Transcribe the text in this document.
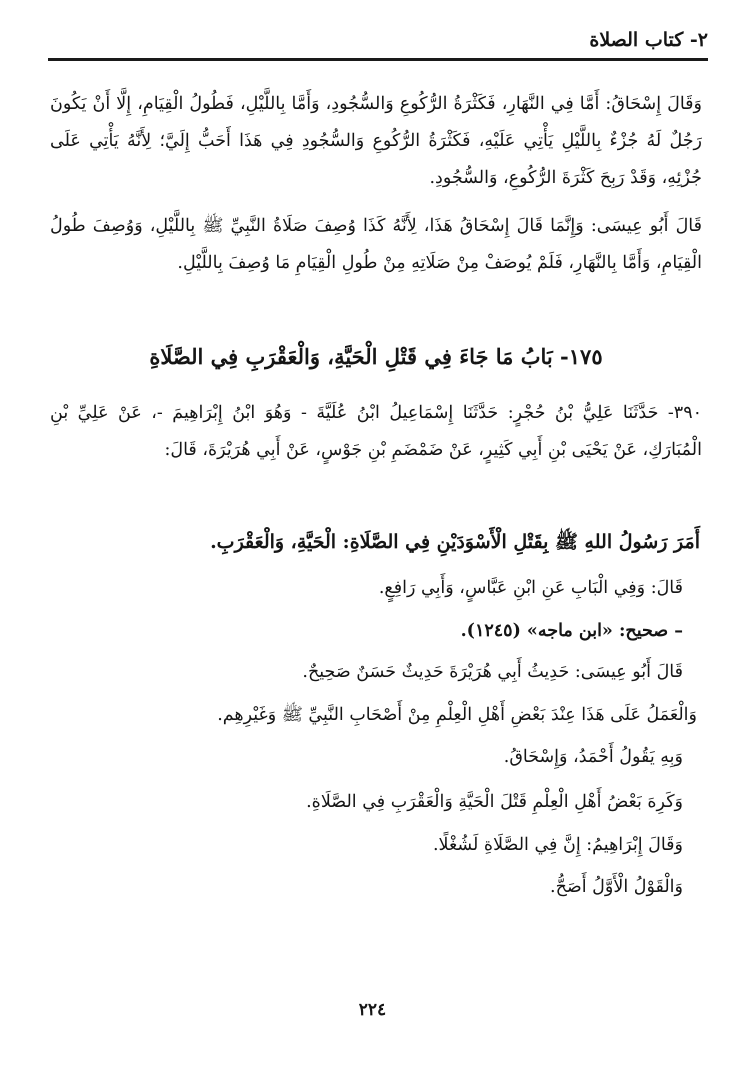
٢- كتاب الصلاة
وَقَالَ إِسْحَاقُ: أَمَّا فِي النَّهَارِ، فَكَثْرَةُ الرُّكُوعِ وَالسُّجُودِ، وَأَمَّا بِاللَّيْلِ، فَطُولُ الْقِيَامِ، إِلَّا أَنْ يَكُونَ رَجُلٌ لَهُ جُزْءٌ بِاللَّيْلِ يَأْتِي عَلَيْهِ، فَكَثْرَةُ الرُّكُوعِ وَالسُّجُودِ فِي هَذَا أَحَبُّ إِلَيَّ؛ لِأَنَّهُ يَأْتِي عَلَى جُزْئِهِ، وَقَدْ رَبِحَ كَثْرَةَ الرُّكُوعِ، وَالسُّجُودِ.
قَالَ أَبُو عِيسَى: وَإِنَّمَا قَالَ إِسْحَاقُ هَذَا، لِأَنَّهُ كَذَا وُصِفَ صَلَاةُ النَّبِيِّ ﷺ بِاللَّيْلِ، وَوُصِفَ طُولُ الْقِيَامِ، وَأَمَّا بِالنَّهَارِ، فَلَمْ يُوصَفْ مِنْ صَلَاتِهِ مِنْ طُولِ الْقِيَامِ مَا وُصِفَ بِاللَّيْلِ.
١٧٥- بَابُ مَا جَاءَ فِي قَتْلِ الْحَيَّةِ، وَالْعَقْرَبِ فِي الصَّلَاةِ
٣٩٠- حَدَّثَنَا عَلِيُّ بْنُ حُجْرٍ: حَدَّثَنَا إِسْمَاعِيلُ ابْنُ عُلَيَّةَ - وَهُوَ ابْنُ إِبْرَاهِيمَ -، عَنْ عَلِيِّ بْنِ الْمُبَارَكِ، عَنْ يَحْيَى بْنِ أَبِي كَثِيرٍ، عَنْ ضَمْضَمِ بْنِ جَوْسٍ، عَنْ أَبِي هُرَيْرَةَ، قَالَ:
أَمَرَ رَسُولُ اللهِ ﷺ بِقَتْلِ الْأَسْوَدَيْنِ فِي الصَّلَاةِ: الْحَيَّةِ، وَالْعَقْرَبِ.
قَالَ: وَفِي الْبَابِ عَنِ ابْنِ عَبَّاسٍ، وَأَبِي رَافِعٍ.
– صحيح: «ابن ماجه» (١٢٤٥).
قَالَ أَبُو عِيسَى: حَدِيثُ أَبِي هُرَيْرَةَ حَدِيثٌ حَسَنٌ صَحِيحٌ.
وَالْعَمَلُ عَلَى هَذَا عِنْدَ بَعْضِ أَهْلِ الْعِلْمِ مِنْ أَصْحَابِ النَّبِيِّ ﷺ وَغَيْرِهِم.
وَبِهِ يَقُولُ أَحْمَدُ، وَإِسْحَاقُ.
وَكَرِهَ بَعْضُ أَهْلِ الْعِلْمِ قَتْلَ الْحَيَّةِ وَالْعَقْرَبِ فِي الصَّلَاةِ.
وَقَالَ إِبْرَاهِيمُ: إِنَّ فِي الصَّلَاةِ لَشُغْلًا.
وَالْقَوْلُ الْأَوَّلُ أَصَحُّ.
٢٢٤
